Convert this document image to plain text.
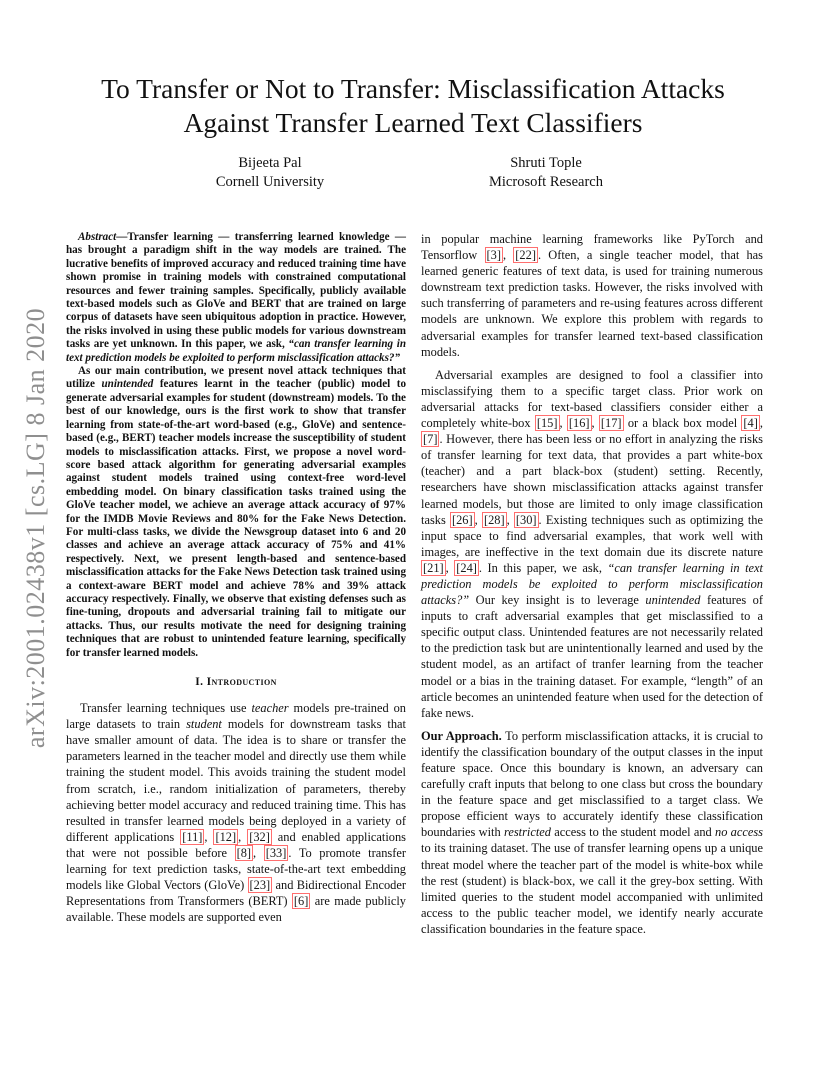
arXiv:2001.02438v1 [cs.LG] 8 Jan 2020
To Transfer or Not to Transfer: Misclassification Attacks Against Transfer Learned Text Classifiers
Bijeeta Pal
Cornell University
Shruti Tople
Microsoft Research

Abstract—Transfer learning — transferring learned knowledge — has brought a paradigm shift in the way models are trained. The lucrative benefits of improved accuracy and reduced training time have shown promise in training models with constrained computational resources and fewer training samples. Specifically, publicly available text-based models such as GloVe and BERT that are trained on large corpus of datasets have seen ubiquitous adoption in practice. However, the risks involved in using these public models for various downstream tasks are yet unknown. In this paper, we ask, “can transfer learning in text prediction models be exploited to perform misclassification attacks?”

As our main contribution, we present novel attack techniques that utilize unintended features learnt in the teacher (public) model to generate adversarial examples for student (downstream) models. To the best of our knowledge, ours is the first work to show that transfer learning from state-of-the-art word-based (e.g., GloVe) and sentence-based (e.g., BERT) teacher models increase the susceptibility of student models to misclassification attacks. First, we propose a novel word-score based attack algorithm for generating adversarial examples against student models trained using context-free word-level embedding model. On binary classification tasks trained using the GloVe teacher model, we achieve an average attack accuracy of 97% for the IMDB Movie Reviews and 80% for the Fake News Detection. For multi-class tasks, we divide the Newsgroup dataset into 6 and 20 classes and achieve an average attack accuracy of 75% and 41% respectively. Next, we present length-based and sentence-based misclassification attacks for the Fake News Detection task trained using a context-aware BERT model and achieve 78% and 39% attack accuracy respectively. Finally, we observe that existing defenses such as fine-tuning, dropouts and adversarial training fail to mitigate our attacks. Thus, our results motivate the need for designing training techniques that are robust to unintended feature learning, specifically for transfer learned models.

I. Introduction

Transfer learning techniques use teacher models pre-trained on large datasets to train student models for downstream tasks that have smaller amount of data. The idea is to share or transfer the parameters learned in the teacher model and directly use them while training the student model. This avoids training the student model from scratch, i.e., random initialization of parameters, thereby achieving better model accuracy and reduced training time. This has resulted in transfer learned models being deployed in a variety of different applications [11] , [12] , [32] and enabled applications that were not possible before [8] , [33] . To promote transfer learning for text prediction tasks, state-of-the-art text embedding models like Global Vectors (GloVe) [23] and Bidirectional Encoder Representations from Transformers (BERT) [6] are made publicly available. These models are supported even

in popular machine learning frameworks like PyTorch and Tensorflow [3] , [22] . Often, a single teacher model, that has learned generic features of text data, is used for training numerous downstream text prediction tasks. However, the risks involved with such transferring of parameters and re-using features across different models are unknown. We explore this problem with regards to adversarial examples for transfer learned text-based classification models.

Adversarial examples are designed to fool a classifier into misclassifying them to a specific target class. Prior work on adversarial attacks for text-based classifiers consider either a completely white-box [15] , [16] , [17] or a black box model [4] , [7] . However, there has been less or no effort in analyzing the risks of transfer learning for text data, that provides a part white-box (teacher) and a part black-box (student) setting. Recently, researchers have shown misclassification attacks against transfer learned models, but those are limited to only image classification tasks [26] , [28] , [30] . Existing techniques such as optimizing the input space to find adversarial examples, that work well with images, are ineffective in the text domain due its discrete nature [21] , [24] . In this paper, we ask, “can transfer learning in text prediction models be exploited to perform misclassification attacks?” Our key insight is to leverage unintended features of inputs to craft adversarial examples that get misclassified to a specific output class. Unintended features are not necessarily related to the prediction task but are unintentionally learned and used by the student model, as an artifact of tranfer learning from the teacher model or a bias in the training dataset. For example, “length” of an article becomes an unintended feature when used for the detection of fake news.

Our Approach. To perform misclassification attacks, it is crucial to identify the classification boundary of the output classes in the input feature space. Once this boundary is known, an adversary can carefully craft inputs that belong to one class but cross the boundary in the feature space and get misclassified to a target class. We propose efficient ways to accurately identify these classification boundaries with restricted access to the student model and no access to its training dataset. The use of transfer learning opens up a unique threat model where the teacher part of the model is white-box while the rest (student) is black-box, we call it the grey-box setting. With limited queries to the student model accompanied with unlimited access to the public teacher model, we identify nearly accurate classification boundaries in the feature space.
